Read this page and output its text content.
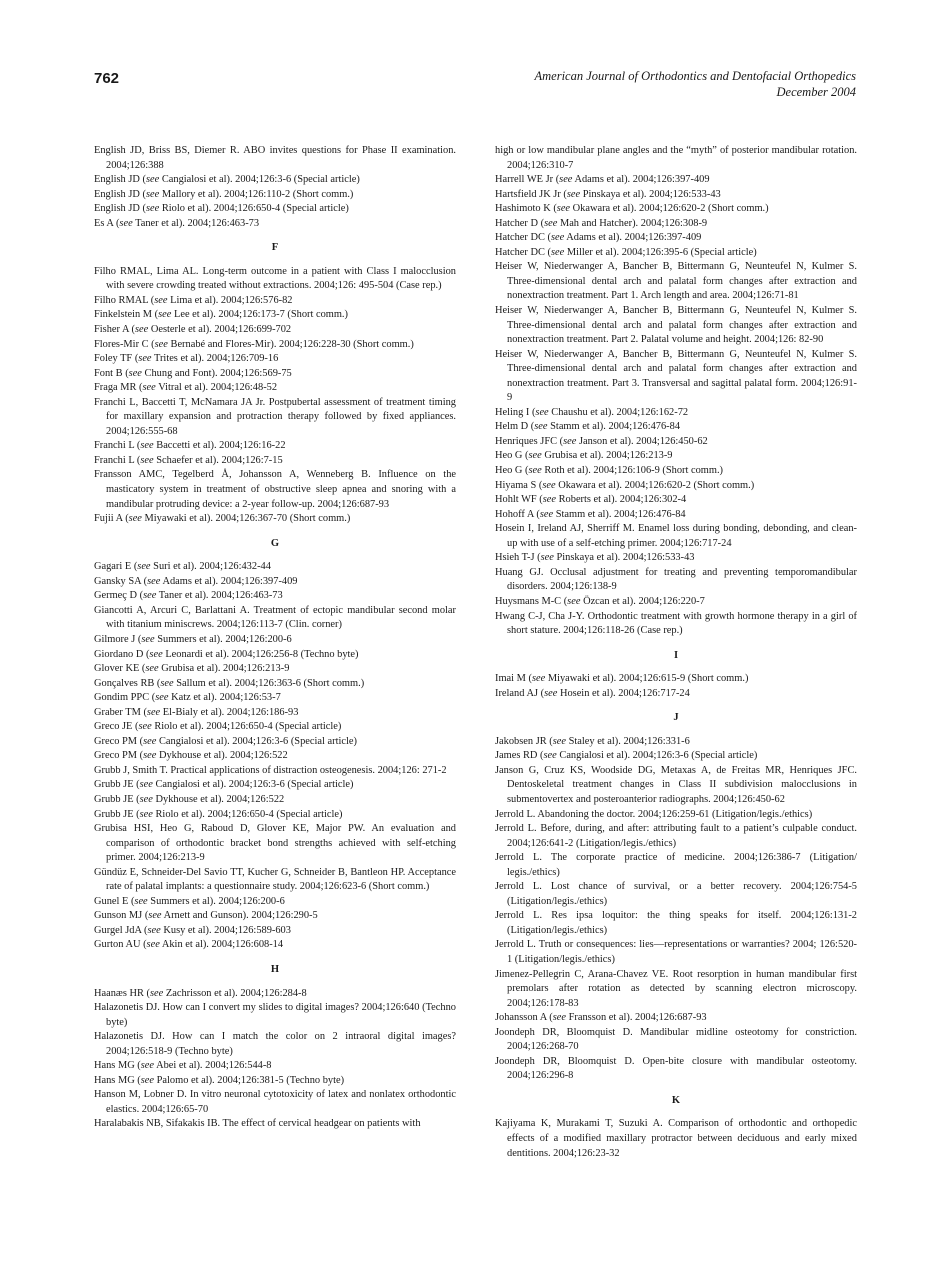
762	American Journal of Orthodontics and Dentofacial Orthopedics
December 2004
English JD, Briss BS, Diemer R. ABO invites questions for Phase II examination. 2004;126:388
English JD (see Cangialosi et al). 2004;126:3-6 (Special article)
English JD (see Mallory et al). 2004;126:110-2 (Short comm.)
English JD (see Riolo et al). 2004;126:650-4 (Special article)
Es A (see Taner et al). 2004;126:463-73
F
Filho RMAL, Lima AL. Long-term outcome in a patient with Class I malocclusion with severe crowding treated without extractions. 2004;126: 495-504 (Case rep.)
Filho RMAL (see Lima et al). 2004;126:576-82
Finkelstein M (see Lee et al). 2004;126:173-7 (Short comm.)
Fisher A (see Oesterle et al). 2004;126:699-702
Flores-Mir C (see Bernabé and Flores-Mir). 2004;126:228-30 (Short comm.)
Foley TF (see Trites et al). 2004;126:709-16
Font B (see Chung and Font). 2004;126:569-75
Fraga MR (see Vitral et al). 2004;126:48-52
Franchi L, Baccetti T, McNamara JA Jr. Postpubertal assessment of treatment timing for maxillary expansion and protraction therapy followed by fixed appliances. 2004;126:555-68
Franchi L (see Baccetti et al). 2004;126:16-22
Franchi L (see Schaefer et al). 2004;126:7-15
Fransson AMC, Tegelberd Å, Johansson A, Wenneberg B. Influence on the masticatory system in treatment of obstructive sleep apnea and snoring with a mandibular protruding device: a 2-year follow-up. 2004;126:687-93
Fujii A (see Miyawaki et al). 2004;126:367-70 (Short comm.)
G
Gagari E (see Suri et al). 2004;126:432-44
Gansky SA (see Adams et al). 2004;126:397-409
Germeç D (see Taner et al). 2004;126:463-73
Giancotti A, Arcuri C, Barlattani A. Treatment of ectopic mandibular second molar with titanium miniscrews. 2004;126:113-7 (Clin. corner)
Gilmore J (see Summers et al). 2004;126:200-6
Giordano D (see Leonardi et al). 2004;126:256-8 (Techno byte)
Glover KE (see Grubisa et al). 2004;126:213-9
Gonçalves RB (see Sallum et al). 2004;126:363-6 (Short comm.)
Gondim PPC (see Katz et al). 2004;126:53-7
Graber TM (see El-Bialy et al). 2004;126:186-93
Greco JE (see Riolo et al). 2004;126:650-4 (Special article)
Greco PM (see Cangialosi et al). 2004;126:3-6 (Special article)
Greco PM (see Dykhouse et al). 2004;126:522
Grubb J, Smith T. Practical applications of distraction osteogenesis. 2004;126: 271-2
Grubb JE (see Cangialosi et al). 2004;126:3-6 (Special article)
Grubb JE (see Dykhouse et al). 2004;126:522
Grubb JE (see Riolo et al). 2004;126:650-4 (Special article)
Grubisa HSI, Heo G, Raboud D, Glover KE, Major PW. An evaluation and comparison of orthodontic bracket bond strengths achieved with self-etching primer. 2004;126:213-9
Gündüz E, Schneider-Del Savio TT, Kucher G, Schneider B, Bantleon HP. Acceptance rate of palatal implants: a questionnaire study. 2004;126:623-6 (Short comm.)
Gunel E (see Summers et al). 2004;126:200-6
Gunson MJ (see Arnett and Gunson). 2004;126:290-5
Gurgel JdA (see Kusy et al). 2004;126:589-603
Gurton AU (see Akin et al). 2004;126:608-14
H
Haanæs HR (see Zachrisson et al). 2004;126:284-8
Halazonetis DJ. How can I convert my slides to digital images? 2004;126:640 (Techno byte)
Halazonetis DJ. How can I match the color on 2 intraoral digital images? 2004;126:518-9 (Techno byte)
Hans MG (see Abei et al). 2004;126:544-8
Hans MG (see Palomo et al). 2004;126:381-5 (Techno byte)
Hanson M, Lobner D. In vitro neuronal cytotoxicity of latex and nonlatex orthodontic elastics. 2004;126:65-70
Haralabakis NB, Sifakakis IB. The effect of cervical headgear on patients with
high or low mandibular plane angles and the “myth” of posterior mandibular rotation. 2004;126:310-7
Harrell WE Jr (see Adams et al). 2004;126:397-409
Hartsfield JK Jr (see Pinskaya et al). 2004;126:533-43
Hashimoto K (see Okawara et al). 2004;126:620-2 (Short comm.)
Hatcher D (see Mah and Hatcher). 2004;126:308-9
Hatcher DC (see Adams et al). 2004;126:397-409
Hatcher DC (see Miller et al). 2004;126:395-6 (Special article)
Heiser W, Niederwanger A, Bancher B, Bittermann G, Neunteufel N, Kulmer S. Three-dimensional dental arch and palatal form changes after extraction and nonextraction treatment. Part 1. Arch length and area. 2004;126:71-81
Heiser W, Niederwanger A, Bancher B, Bittermann G, Neunteufel N, Kulmer S. Three-dimensional dental arch and palatal form changes after extraction and nonextraction treatment. Part 2. Palatal volume and height. 2004;126: 82-90
Heiser W, Niederwanger A, Bancher B, Bittermann G, Neunteufel N, Kulmer S. Three-dimensional dental arch and palatal form changes after extraction and nonextraction treatment. Part 3. Transversal and sagittal palatal form. 2004;126:91-9
Heling I (see Chaushu et al). 2004;126:162-72
Helm D (see Stamm et al). 2004;126:476-84
Henriques JFC (see Janson et al). 2004;126:450-62
Heo G (see Grubisa et al). 2004;126:213-9
Heo G (see Roth et al). 2004;126:106-9 (Short comm.)
Hiyama S (see Okawara et al). 2004;126:620-2 (Short comm.)
Hohlt WF (see Roberts et al). 2004;126:302-4
Hohoff A (see Stamm et al). 2004;126:476-84
Hosein I, Ireland AJ, Sherriff M. Enamel loss during bonding, debonding, and clean-up with use of a self-etching primer. 2004;126:717-24
Hsieh T-J (see Pinskaya et al). 2004;126:533-43
Huang GJ. Occlusal adjustment for treating and preventing temporomandibular disorders. 2004;126:138-9
Huysmans M-C (see Özcan et al). 2004;126:220-7
Hwang C-J, Cha J-Y. Orthodontic treatment with growth hormone therapy in a girl of short stature. 2004;126:118-26 (Case rep.)
I
Imai M (see Miyawaki et al). 2004;126:615-9 (Short comm.)
Ireland AJ (see Hosein et al). 2004;126:717-24
J
Jakobsen JR (see Staley et al). 2004;126:331-6
James RD (see Cangialosi et al). 2004;126:3-6 (Special article)
Janson G, Cruz KS, Woodside DG, Metaxas A, de Freitas MR, Henriques JFC. Dentoskeletal treatment changes in Class II subdivision malocclusions in submentovertex and posteroanterior radiographs. 2004;126:450-62
Jerrold L. Abandoning the doctor. 2004;126:259-61 (Litigation/legis./ethics)
Jerrold L. Before, during, and after: attributing fault to a patient’s culpable conduct. 2004;126:641-2 (Litigation/legis./ethics)
Jerrold L. The corporate practice of medicine. 2004;126:386-7 (Litigation/ legis./ethics)
Jerrold L. Lost chance of survival, or a better recovery. 2004;126:754-5 (Litigation/legis./ethics)
Jerrold L. Res ipsa loquitor: the thing speaks for itself. 2004;126:131-2 (Litigation/legis./ethics)
Jerrold L. Truth or consequences: lies—representations or warranties? 2004; 126:520-1 (Litigation/legis./ethics)
Jimenez-Pellegrin C, Arana-Chavez VE. Root resorption in human mandibular first premolars after rotation as detected by scanning electron microscopy. 2004;126:178-83
Johansson A (see Fransson et al). 2004;126:687-93
Joondeph DR, Bloomquist D. Mandibular midline osteotomy for constriction. 2004;126:268-70
Joondeph DR, Bloomquist D. Open-bite closure with mandibular osteotomy. 2004;126:296-8
K
Kajiyama K, Murakami T, Suzuki A. Comparison of orthodontic and orthopedic effects of a modified maxillary protractor between deciduous and early mixed dentitions. 2004;126:23-32
